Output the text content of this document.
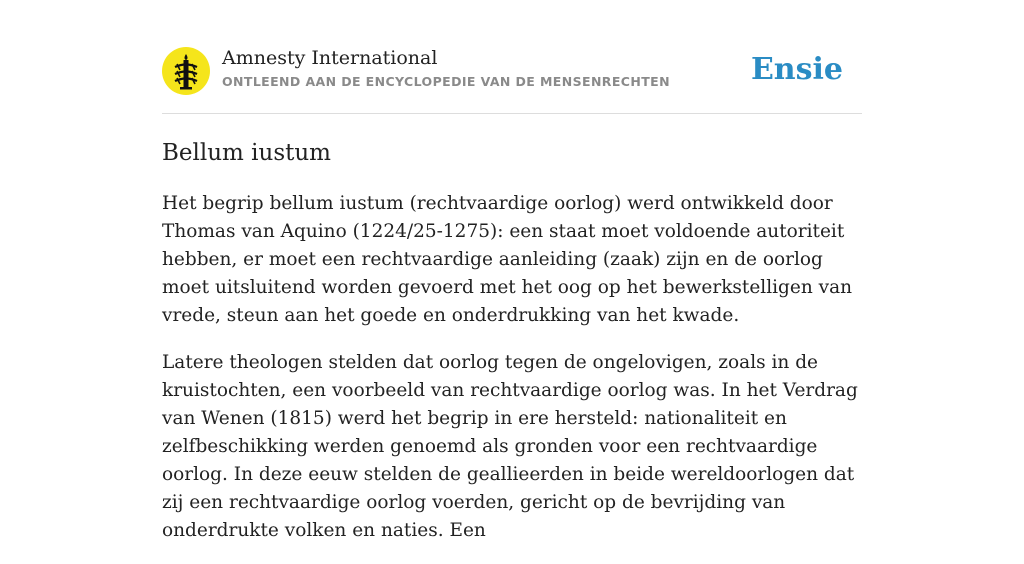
Amnesty International
ONTLEEND AAN DE ENCYCLOPEDIE VAN DE MENSENRECHTEN	Ensie
Bellum iustum

Het begrip bellum iustum (rechtvaardige oorlog) werd ontwikkeld door Thomas van Aquino (1224/25-1275): een staat moet voldoende autoriteit hebben, er moet een rechtvaardige aanleiding (zaak) zijn en de oorlog moet uitsluitend worden gevoerd met het oog op het bewerkstelligen van vrede, steun aan het goede en onderdrukking van het kwade.

Latere theologen stelden dat oorlog tegen de ongelovigen, zoals in de kruistochten, een voorbeeld van rechtvaardige oorlog was. In het Verdrag van Wenen (1815) werd het begrip in ere hersteld: nationaliteit en zelfbeschikking werden genoemd als gronden voor een rechtvaardige oorlog. In deze eeuw stelden de geallieerden in beide wereldoorlogen dat zij een rechtvaardige oorlog voerden, gericht op de bevrijding van onderdrukte volken en naties. Een
